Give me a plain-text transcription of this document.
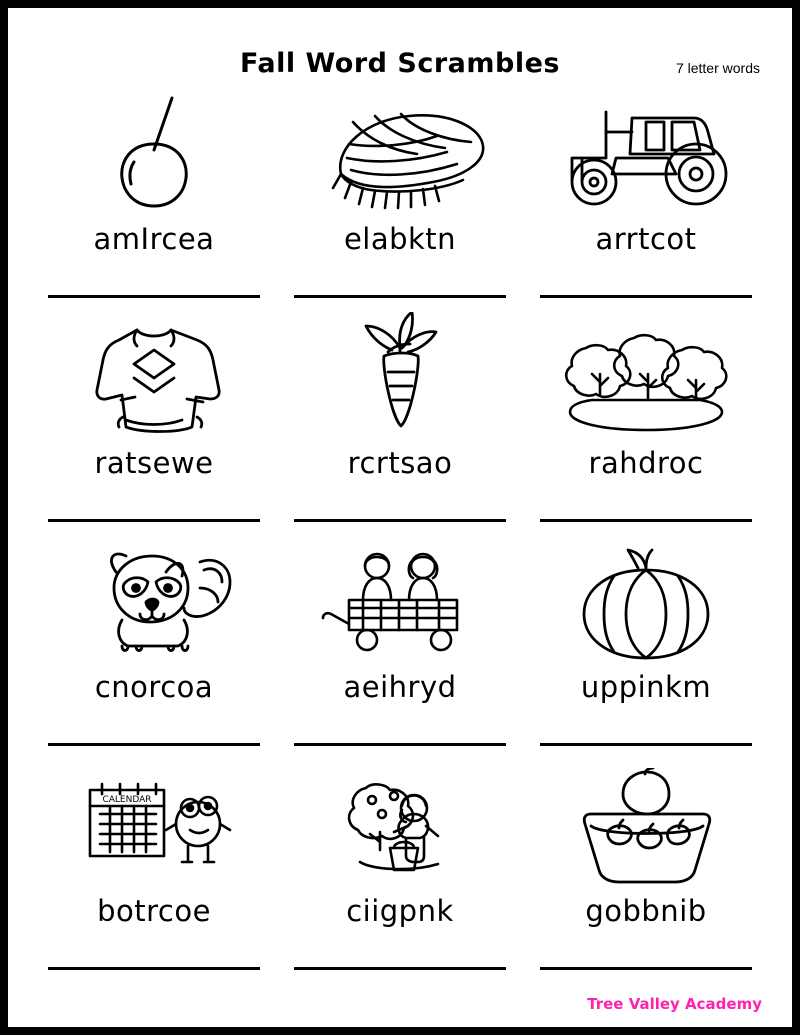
Fall Word Scrambles	7 letter words
amIrcea	elabktn	arrtcot
ratsewe	rcrtsao	rahdroc
cnorcoa	aeihryd	uppinkm
CALENDAR
botrcoe	ciigpnk	gobbnib
Tree Valley Academy
